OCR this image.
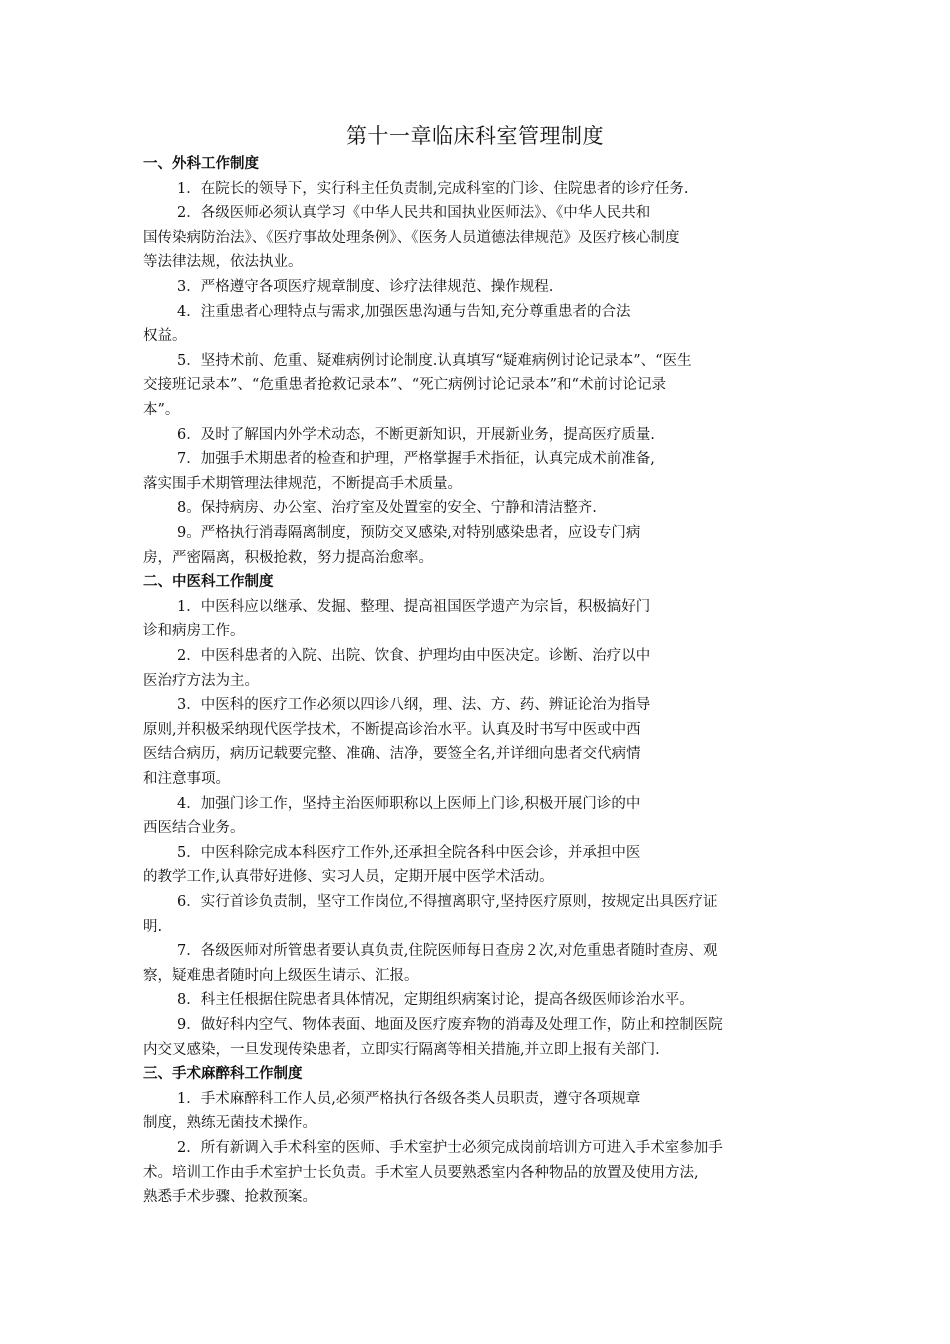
第十一章临床科室管理制度
一、外科工作制度
1．在院长的领导下，实行科主任负责制,完成科室的门诊、住院患者的诊疗任务.
2．各级医师必须认真学习《中华人民共和国执业医师法》、《中华人民共和
国传染病防治法》、《医疗事故处理条例》、《医务人员道德法律规范》及医疗核心制度
等法律法规，依法执业。
3．严格遵守各项医疗规章制度、诊疗法律规范、操作规程.
4．注重患者心理特点与需求,加强医患沟通与告知,充分尊重患者的合法
权益。
5．坚持术前、危重、疑难病例讨论制度.认真填写“疑难病例讨论记录本”、“医生
交接班记录本”、“危重患者抢救记录本”、“死亡病例讨论记录本”和“术前讨论记录
本”。
6．及时了解国内外学术动态，不断更新知识，开展新业务，提高医疗质量.
7．加强手术期患者的检查和护理，严格掌握手术指征，认真完成术前准备,
落实围手术期管理法律规范，不断提高手术质量。
8。保持病房、办公室、治疗室及处置室的安全、宁静和清洁整齐.
9。严格执行消毒隔离制度，预防交叉感染,对特别感染患者，应设专门病
房，严密隔离，积极抢救，努力提高治愈率。
二、中医科工作制度
1．中医科应以继承、发掘、整理、提高祖国医学遗产为宗旨，积极搞好门
诊和病房工作。
2．中医科患者的入院、出院、饮食、护理均由中医决定。诊断、治疗以中
医治疗方法为主。
3．中医科的医疗工作必须以四诊八纲，理、法、方、药、辨证论治为指导
原则,并积极采纳现代医学技术，不断提高诊治水平。认真及时书写中医或中西
医结合病历，病历记载要完整、准确、洁净，要签全名,并详细向患者交代病情
和注意事项。
4．加强门诊工作，坚持主治医师职称以上医师上门诊,积极开展门诊的中
西医结合业务。
5．中医科除完成本科医疗工作外,还承担全院各科中医会诊，并承担中医
的教学工作,认真带好进修、实习人员，定期开展中医学术活动。
6．实行首诊负责制，坚守工作岗位,不得擅离职守,坚持医疗原则，按规定出具医疗证
明.
7．各级医师对所管患者要认真负责,住院医师每日查房２次,对危重患者随时查房、观
察，疑难患者随时向上级医生请示、汇报。
8．科主任根据住院患者具体情况，定期组织病案讨论，提高各级医师诊治水平。
9．做好科内空气、物体表面、地面及医疗废弃物的消毒及处理工作，防止和控制医院
内交叉感染，一旦发现传染患者，立即实行隔离等相关措施,并立即上报有关部门.
三、手术麻醉科工作制度
1．手术麻醉科工作人员,必须严格执行各级各类人员职责，遵守各项规章
制度，熟练无菌技术操作。
2．所有新调入手术科室的医师、手术室护士必须完成岗前培训方可进入手术室参加手
术。培训工作由手术室护士长负责。手术室人员要熟悉室内各种物品的放置及使用方法,
熟悉手术步骤、抢救预案。
